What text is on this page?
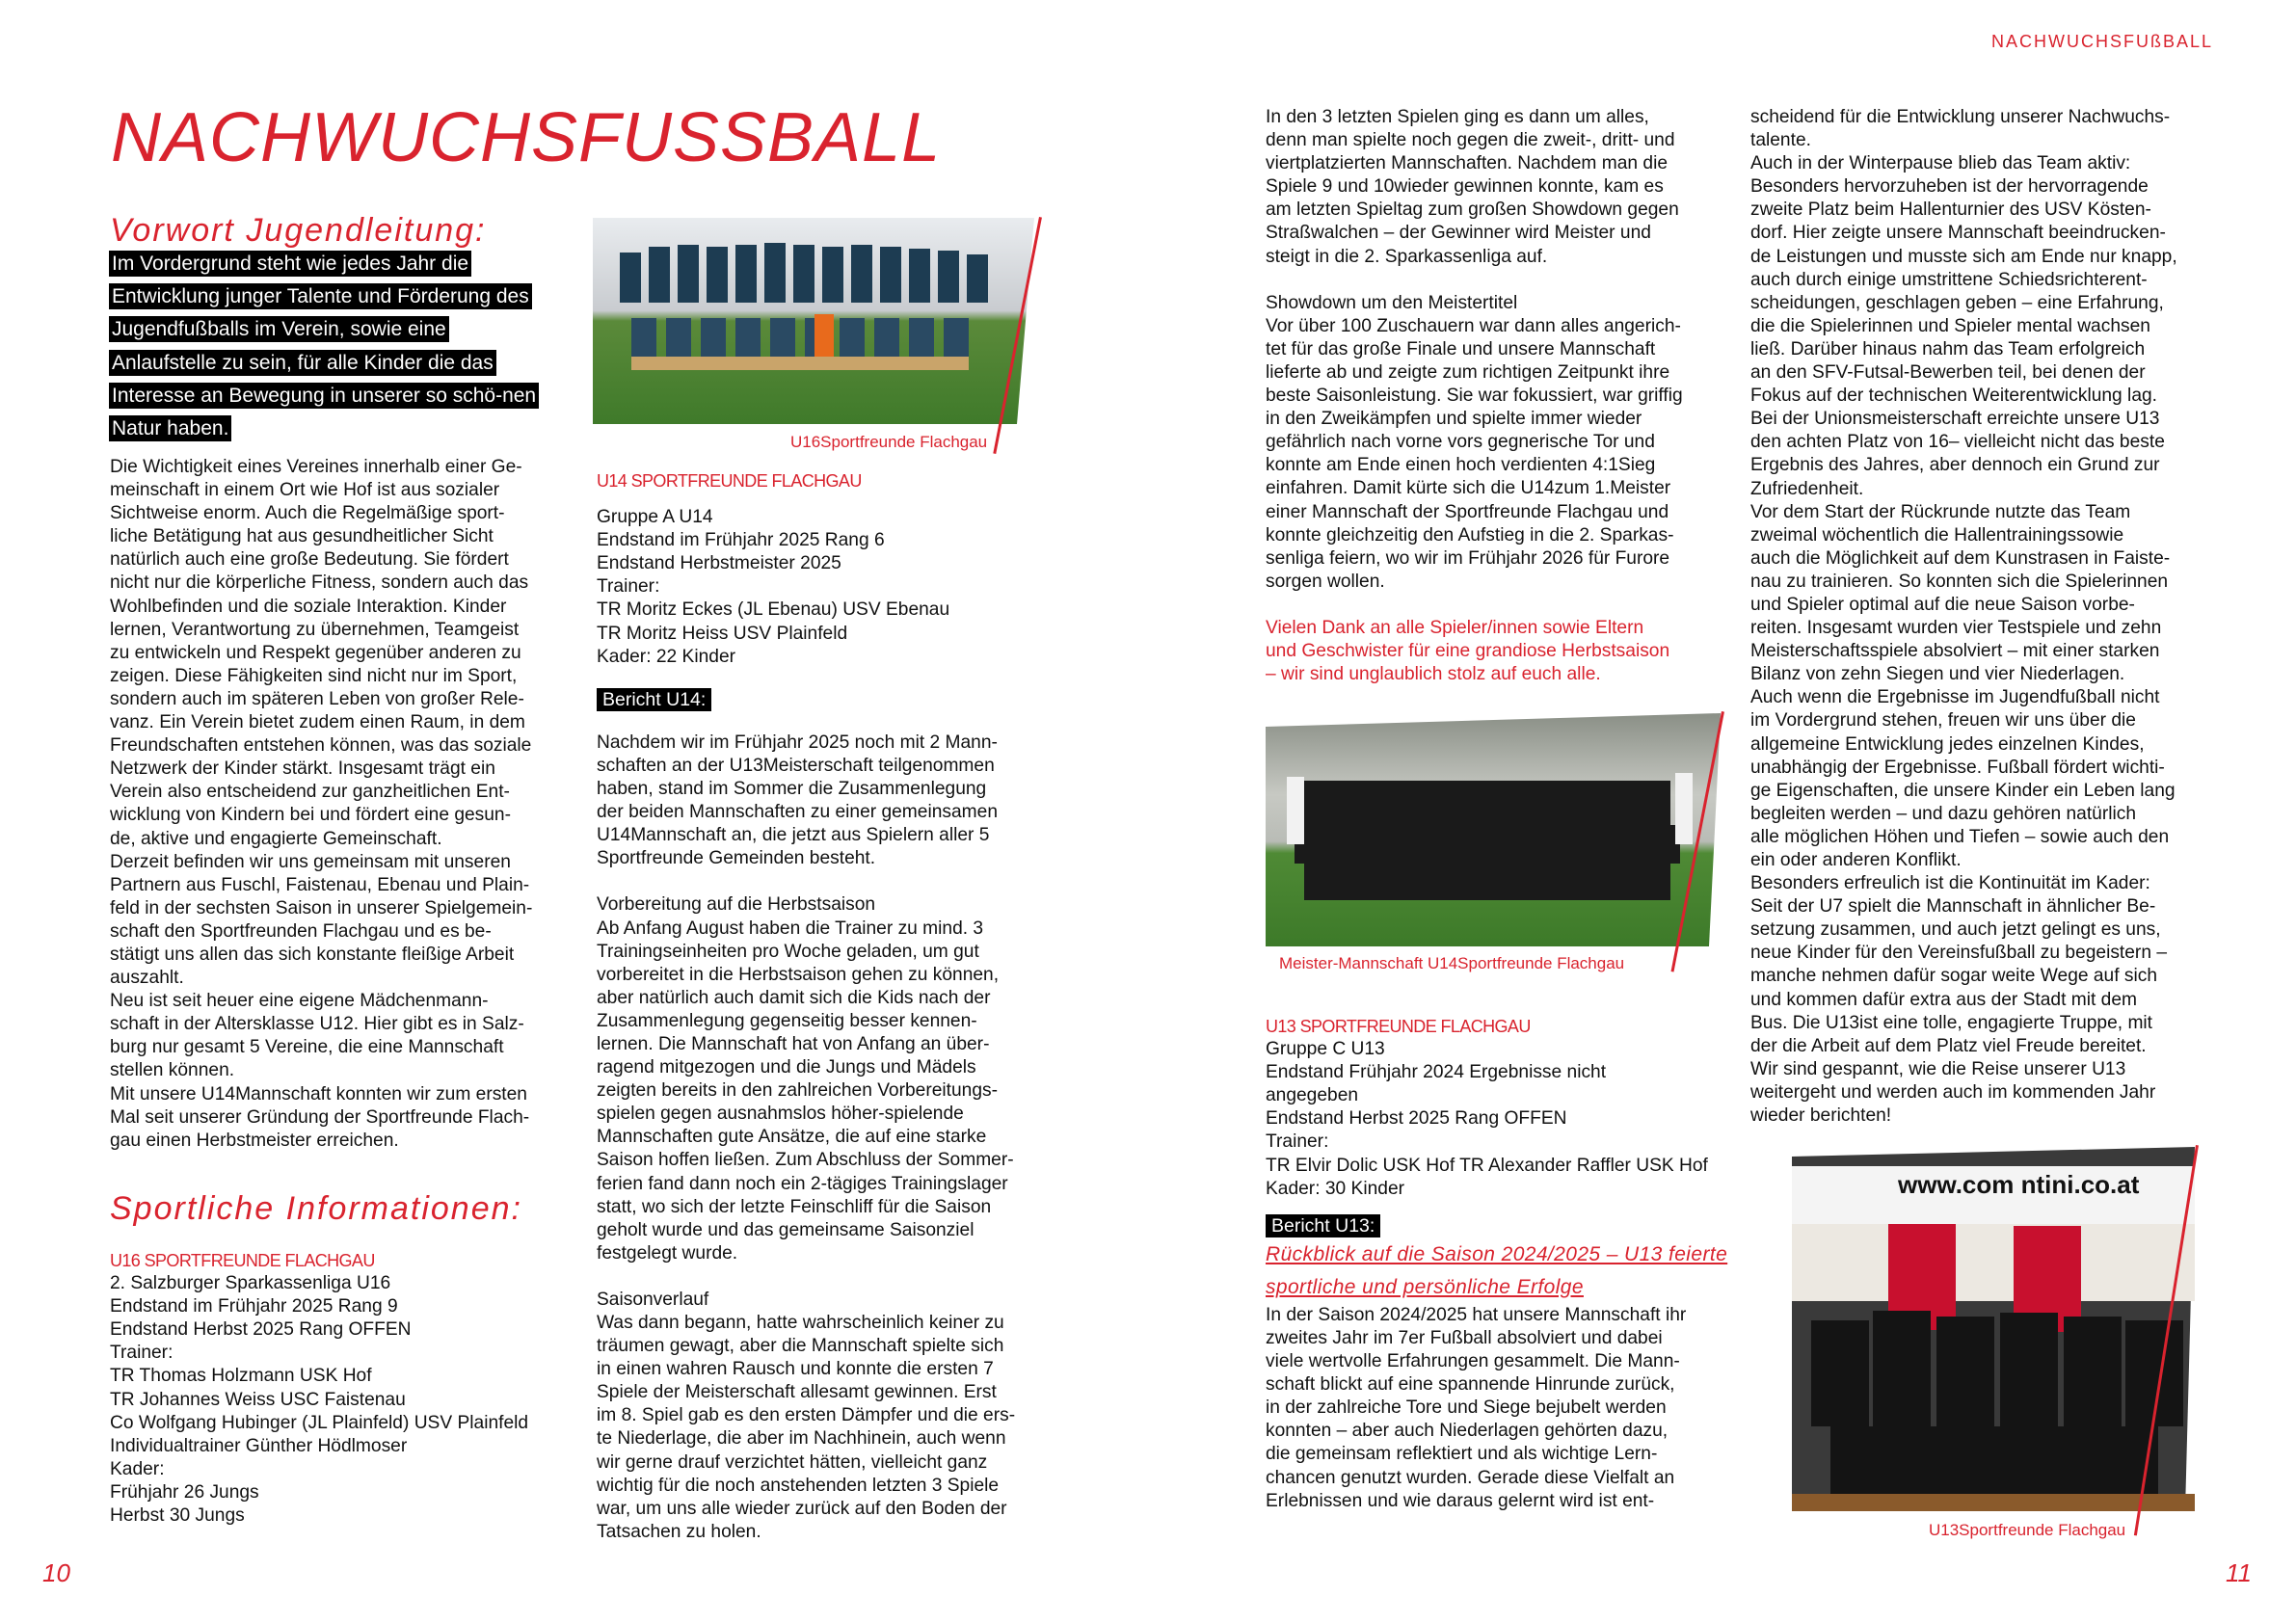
NACHWUCHSFUßBALL
10	11
NACHWUCHSFUSSBALL
Vorwort Jugendleitung:

Im Vordergrund steht wie jedes Jahr die Entwicklung junger Talente und Förderung des Jugendfußballs im Verein, sowie eine Anlaufstelle zu sein, für alle Kinder die das Interesse an Bewegung in unserer so schö-nen Natur haben.

Die Wichtigkeit eines Vereines innerhalb einer Ge-
meinschaft in einem Ort wie Hof ist aus sozialer
Sichtweise enorm. Auch die Regelmäßige sport-
liche Betätigung hat aus gesundheitlicher Sicht
natürlich auch eine große Bedeutung. Sie fördert
nicht nur die körperliche Fitness, sondern auch das
Wohlbefinden und die soziale Interaktion. Kinder
lernen, Verantwortung zu übernehmen, Teamgeist
zu entwickeln und Respekt gegenüber anderen zu
zeigen. Diese Fähigkeiten sind nicht nur im Sport,
sondern auch im späteren Leben von großer Rele-
vanz. Ein Verein bietet zudem einen Raum, in dem
Freundschaften entstehen können, was das soziale
Netzwerk der Kinder stärkt. Insgesamt trägt ein
Verein also entscheidend zur ganzheitlichen Ent-
wicklung von Kindern bei und fördert eine gesun-
de, aktive und engagierte Gemeinschaft.
Derzeit befinden wir uns gemeinsam mit unseren
Partnern aus Fuschl, Faistenau, Ebenau und Plain-
feld in der sechsten Saison in unserer Spielgemein-
schaft den Sportfreunden Flachgau und es be-
stätigt uns allen das sich konstante fleißige Arbeit
auszahlt.
Neu ist seit heuer eine eigene Mädchenmann-
schaft in der Altersklasse U12. Hier gibt es in Salz-
burg nur gesamt 5 Vereine, die eine Mannschaft
stellen können.
Mit unsere U14Mannschaft konnten wir zum ersten
Mal seit unserer Gründung der Sportfreunde Flach-
gau einen Herbstmeister erreichen.

Sportliche Informationen:
U16 SPORTFREUNDE FLACHGAU

2. Salzburger Sparkassenliga U16
Endstand im Frühjahr 2025 Rang 9
Endstand Herbst 2025 Rang OFFEN
Trainer:
TR Thomas Holzmann USK Hof
TR Johannes Weiss USC Faistenau
Co Wolfgang Hubinger (JL Plainfeld) USV Plainfeld
Individualtrainer Günther Hödlmoser
Kader:
Frühjahr 26 Jungs
Herbst 30 Jungs

U16Sportfreunde Flachgau
U14 SPORTFREUNDE FLACHGAU

Gruppe A U14
Endstand im Frühjahr 2025 Rang 6
Endstand Herbstmeister 2025
Trainer:
TR Moritz Eckes (JL Ebenau) USV Ebenau
TR Moritz Heiss USV Plainfeld
Kader: 22 Kinder

Bericht U14:

Nachdem wir im Frühjahr 2025 noch mit 2 Mann-
schaften an der U13Meisterschaft teilgenommen
haben, stand im Sommer die Zusammenlegung
der beiden Mannschaften zu einer gemeinsamen
U14Mannschaft an, die jetzt aus Spielern aller 5
Sportfreunde Gemeinden besteht.

Vorbereitung auf die Herbstsaison
Ab Anfang August haben die Trainer zu mind. 3
Trainingseinheiten pro Woche geladen, um gut
vorbereitet in die Herbstsaison gehen zu können,
aber natürlich auch damit sich die Kids nach der
Zusammenlegung gegenseitig besser kennen-
lernen. Die Mannschaft hat von Anfang an über-
ragend mitgezogen und die Jungs und Mädels
zeigten bereits in den zahlreichen Vorbereitungs-
spielen gegen ausnahmslos höher-spielende
Mannschaften gute Ansätze, die auf eine starke
Saison hoffen ließen. Zum Abschluss der Sommer-
ferien fand dann noch ein 2-tägiges Trainingslager
statt, wo sich der letzte Feinschliff für die Saison
geholt wurde und das gemeinsame Saisonziel
festgelegt wurde.

Saisonverlauf
Was dann begann, hatte wahrscheinlich keiner zu
träumen gewagt, aber die Mannschaft spielte sich
in einen wahren Rausch und konnte die ersten 7
Spiele der Meisterschaft allesamt gewinnen. Erst
im 8. Spiel gab es den ersten Dämpfer und die ers-
te Niederlage, die aber im Nachhinein, auch wenn
wir gerne drauf verzichtet hätten, vielleicht ganz
wichtig für die noch anstehenden letzten 3 Spiele
war, um uns alle wieder zurück auf den Boden der
Tatsachen zu holen.

In den 3 letzten Spielen ging es dann um alles,
denn man spielte noch gegen die zweit-, dritt- und
viertplatzierten Mannschaften. Nachdem man die
Spiele 9 und 10wieder gewinnen konnte, kam es
am letzten Spieltag zum großen Showdown gegen
Straßwalchen – der Gewinner wird Meister und
steigt in die 2. Sparkassenliga auf.

Showdown um den Meistertitel
Vor über 100 Zuschauern war dann alles angerich-
tet für das große Finale und unsere Mannschaft
lieferte ab und zeigte zum richtigen Zeitpunkt ihre
beste Saisonleistung. Sie war fokussiert, war griffig
in den Zweikämpfen und spielte immer wieder
gefährlich nach vorne vors gegnerische Tor und
konnte am Ende einen hoch verdienten 4:1Sieg
einfahren. Damit kürte sich die U14zum 1.Meister
einer Mannschaft der Sportfreunde Flachgau und
konnte gleichzeitig den Aufstieg in die 2. Sparkas-
senliga feiern, wo wir im Frühjahr 2026 für Furore
sorgen wollen.

Vielen Dank an alle Spieler/innen sowie Eltern
und Geschwister für eine grandiose Herbstsaison
– wir sind unglaublich stolz auf euch alle.

Meister-Mannschaft U14Sportfreunde Flachgau
U13 SPORTFREUNDE FLACHGAU

Gruppe C U13
Endstand Frühjahr 2024 Ergebnisse nicht
angegeben
Endstand Herbst 2025 Rang OFFEN
Trainer:
TR Elvir Dolic USK Hof TR Alexander Raffler USK Hof
Kader: 30 Kinder

Bericht U13:
Rückblick auf die Saison 2024/2025 – U13 feierte sportliche und persönliche Erfolge

In der Saison 2024/2025 hat unsere Mannschaft ihr
zweites Jahr im 7er Fußball absolviert und dabei
viele wertvolle Erfahrungen gesammelt. Die Mann-
schaft blickt auf eine spannende Hinrunde zurück,
in der zahlreiche Tore und Siege bejubelt werden
konnten – aber auch Niederlagen gehörten dazu,
die gemeinsam reflektiert und als wichtige Lern-
chancen genutzt wurden. Gerade diese Vielfalt an
Erlebnissen und wie daraus gelernt wird ist ent-

scheidend für die Entwicklung unserer Nachwuchs-
talente.
Auch in der Winterpause blieb das Team aktiv:
Besonders hervorzuheben ist der hervorragende
zweite Platz beim Hallenturnier des USV Kösten-
dorf. Hier zeigte unsere Mannschaft beeindrucken-
de Leistungen und musste sich am Ende nur knapp,
auch durch einige umstrittene Schiedsrichterent-
scheidungen, geschlagen geben – eine Erfahrung,
die die Spielerinnen und Spieler mental wachsen
ließ. Darüber hinaus nahm das Team erfolgreich
an den SFV-Futsal-Bewerben teil, bei denen der
Fokus auf der technischen Weiterentwicklung lag.
Bei der Unionsmeisterschaft erreichte unsere U13
den achten Platz von 16– vielleicht nicht das beste
Ergebnis des Jahres, aber dennoch ein Grund zur
Zufriedenheit.
Vor dem Start der Rückrunde nutzte das Team
zweimal wöchentlich die Hallentrainingssowie
auch die Möglichkeit auf dem Kunstrasen in Faiste-
nau zu trainieren. So konnten sich die Spielerinnen
und Spieler optimal auf die neue Saison vorbe-
reiten. Insgesamt wurden vier Testspiele und zehn
Meisterschaftsspiele absolviert – mit einer starken
Bilanz von zehn Siegen und vier Niederlagen.
Auch wenn die Ergebnisse im Jugendfußball nicht
im Vordergrund stehen, freuen wir uns über die
allgemeine Entwicklung jedes einzelnen Kindes,
unabhängig der Ergebnisse. Fußball fördert wichti-
ge Eigenschaften, die unsere Kinder ein Leben lang
begleiten werden – und dazu gehören natürlich
alle möglichen Höhen und Tiefen – sowie auch den
ein oder anderen Konflikt.
Besonders erfreulich ist die Kontinuität im Kader:
Seit der U7 spielt die Mannschaft in ähnlicher Be-
setzung zusammen, und auch jetzt gelingt es uns,
neue Kinder für den Vereinsfußball zu begeistern –
manche nehmen dafür sogar weite Wege auf sich
und kommen dafür extra aus der Stadt mit dem
Bus. Die U13ist eine tolle, engagierte Truppe, mit
der die Arbeit auf dem Platz viel Freude bereitet.
Wir sind gespannt, wie die Reise unserer U13
weitergeht und werden auch im kommenden Jahr
wieder berichten!

www.com ntini.co.at
U13Sportfreunde Flachgau
